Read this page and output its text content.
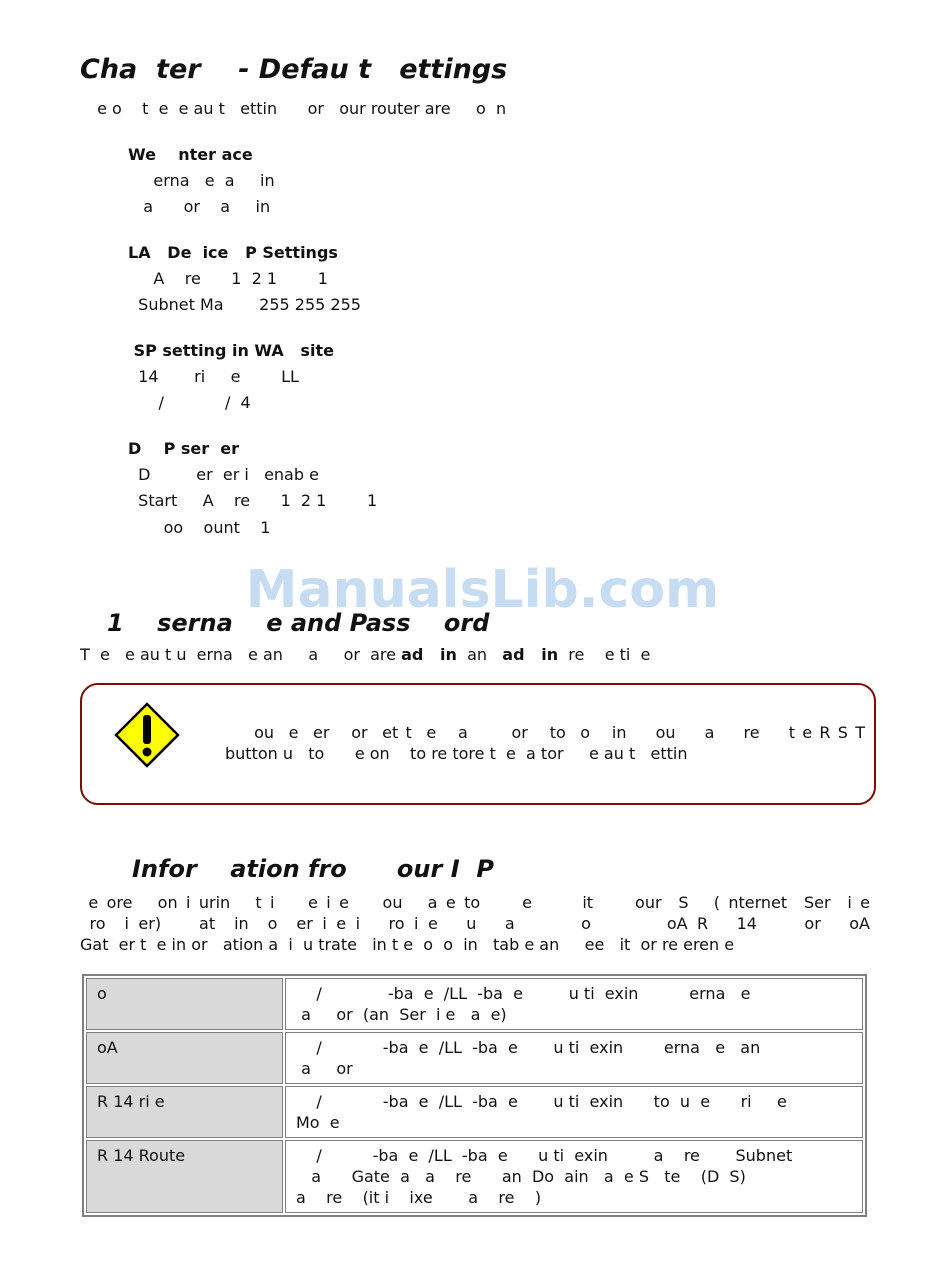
Cha  ter    - Defau t   ettings
e o    t  e  e au t   ettin      or   our router are     o  n
We    nter ace
erna   e  a     in
a      or    a     in
LA   De  ice   P Settings
A    re      1  2 1        1
Subnet Ma       255 255 255
SP setting in WA   site
14       ri     e        LL
/            /  4
D    P ser  er
D         er  er i   enab e
Start     A    re      1  2 1        1
oo    ount    1
ManualsLib.com
1    serna    e and Pass    ord
T  e   e au t u  erna   e an     a     or  are ad   in  an   ad   in  re    e ti  e
ou  e  er   or  et t  e   a      or   to  o   in    ou    a    re    t e R S T
button u   to      e on    to re tore t  e  a tor     e au t   ettin
Infor    ation fro      our I  P
e ore   on i urin   t i    e i e    ou   a e to     e      it     our  S   ( nternet  Ser  i e
ro  i er)    at  in  o  er i e i   ro i e   u   a       o        oA R   14     or   oA
Gat  er t  e in or   ation a  i  u trate   in t e  o  o  in   tab e an     ee   it  or re eren e
o	/             -ba  e  /LL  -ba  e         u ti  exin          erna   e
a     or  (an  Ser  i e   a  e)

oA	/            -ba  e  /LL  -ba  e       u ti  exin        erna   e   an
a     or

R 14 ri e	/            -ba  e  /LL  -ba  e       u ti  exin      to  u  e      ri     e
Mo  e

R 14 Route	/          -ba  e  /LL  -ba  e      u ti  exin         a    re       Subnet
a      Gate  a   a    re      an  Do  ain   a  e S   te    (D  S)
a    re    (it i    ixe       a    re    )
